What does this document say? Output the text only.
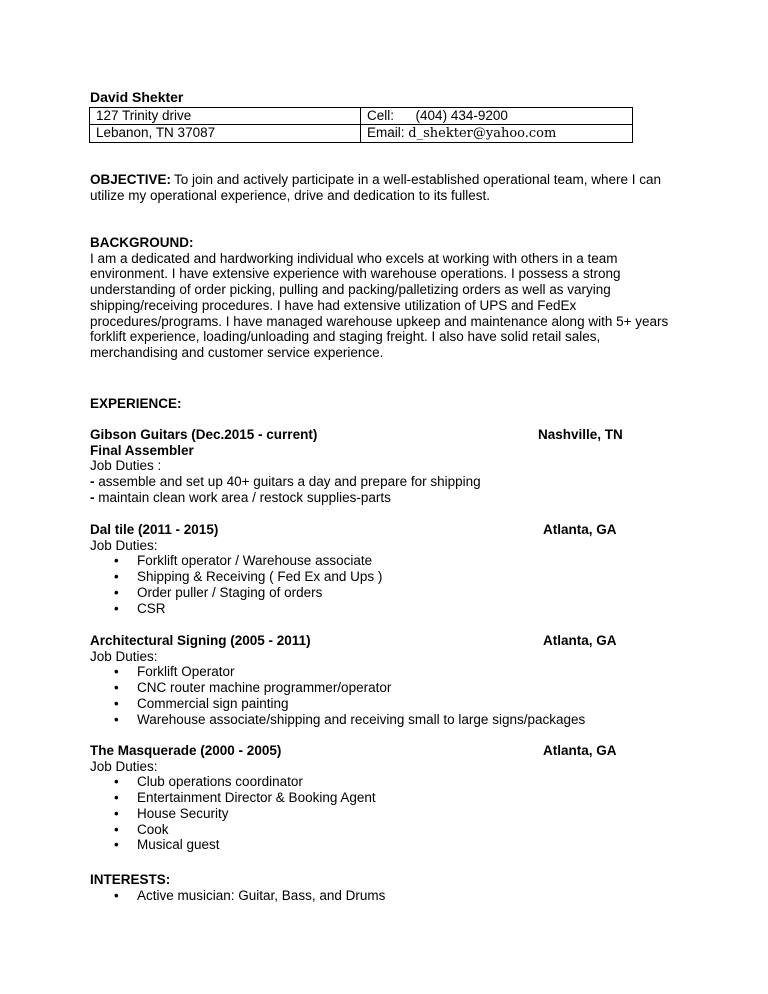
David Shekter
127 Trinity drive	Cell: (404) 434-9200
Lebanon, TN 37087	Email: d_shekter@yahoo.com
OBJECTIVE: To join and actively participate in a well-established operational team, where I can utilize my operational experience, drive and dedication to its fullest.
BACKGROUND:
I am a dedicated and hardworking individual who excels at working with others in a team environment. I have extensive experience with warehouse operations. I possess a strong understanding of order picking, pulling and packing/palletizing orders as well as varying shipping/receiving procedures. I have had extensive utilization of UPS and FedEx procedures/programs. I have managed warehouse upkeep and maintenance along with 5+ years forklift experience, loading/unloading and staging freight. I also have solid retail sales, merchandising and customer service experience.
EXPERIENCE:
Gibson Guitars (Dec.2015 - current)	Nashville, TN
Final Assembler
Job Duties :
- assemble and set up 40+ guitars a day and prepare for shipping
- maintain clean work area / restock supplies-parts
Dal tile (2011 - 2015)	Atlanta, GA
Job Duties:
• Forklift operator / Warehouse associate
• Shipping & Receiving ( Fed Ex and Ups )
• Order puller / Staging of orders
• CSR
Architectural Signing (2005 - 2011)	Atlanta, GA
Job Duties:
• Forklift Operator
• CNC router machine programmer/operator
• Commercial sign painting
• Warehouse associate/shipping and receiving small to large signs/packages
The Masquerade (2000 - 2005)	Atlanta, GA
Job Duties:
• Club operations coordinator
• Entertainment Director & Booking Agent
• House Security
• Cook
• Musical guest
INTERESTS:
• Active musician: Guitar, Bass, and Drums
